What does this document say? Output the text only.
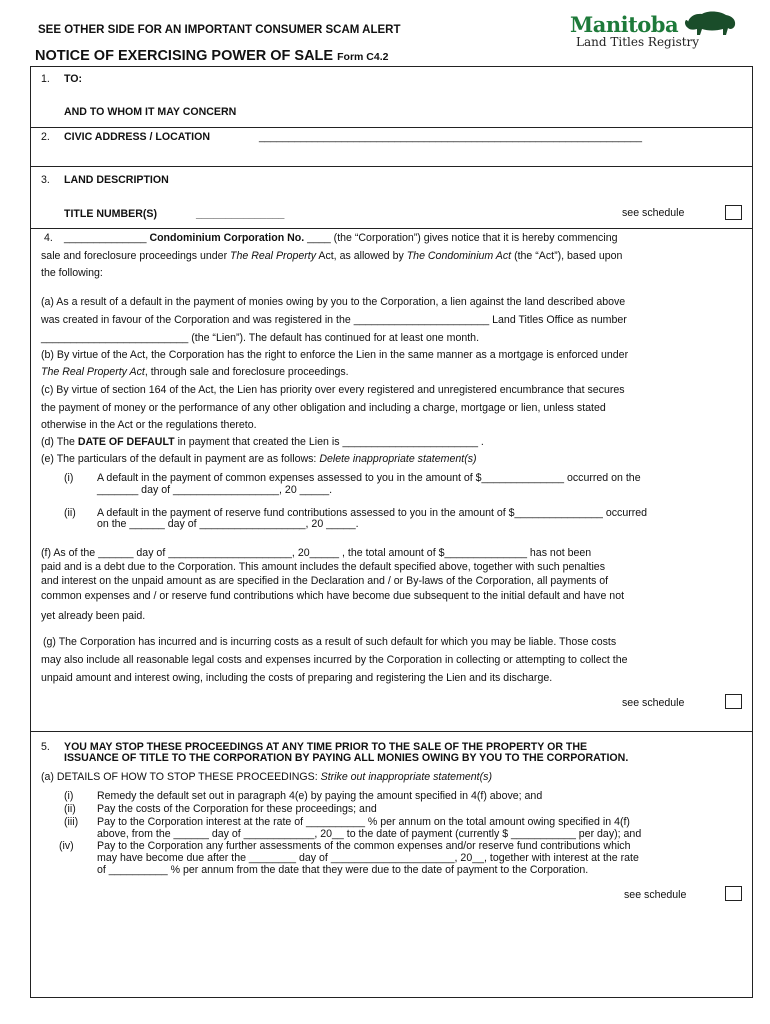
SEE OTHER SIDE FOR AN IMPORTANT CONSUMER SCAM ALERT
NOTICE OF EXERCISING POWER OF SALE Form C4.2
Manitoba
Land Titles Registry
1. TO:
AND TO WHOM IT MAY CONCERN
2. CIVIC ADDRESS / LOCATION	_________________________________________________________________
3. LAND DESCRIPTION
TITLE NUMBER(S)	_______________	see schedule
4. ______________ Condominium Corporation No. ____ (the “Corporation”) gives notice that it is hereby commencing
sale and foreclosure proceedings under The Real Property Act, as allowed by The Condominium Act (the “Act”), based upon
the following:
(a) As a result of a default in the payment of monies owing by you to the Corporation, a lien against the land described above
was created in favour of the Corporation and was registered in the _______________________ Land Titles Office as number
_________________________ (the “Lien”). The default has continued for at least one month.
(b) By virtue of the Act, the Corporation has the right to enforce the Lien in the same manner as a mortgage is enforced under
The Real Property Act, through sale and foreclosure proceedings.
(c) By virtue of section 164 of the Act, the Lien has priority over every registered and unregistered encumbrance that secures
the payment of money or the performance of any other obligation and including a charge, mortgage or lien, unless stated
otherwise in the Act or the regulations thereto.
(d) The DATE OF DEFAULT in payment that created the Lien is _______________________ .
(e) The particulars of the default in payment are as follows: Delete inappropriate statement(s)
(i) A default in the payment of common expenses assessed to you in the amount of $______________ occurred on the
_______ day of __________________, 20 _____.
(ii) A default in the payment of reserve fund contributions assessed to you in the amount of $_______________ occurred
on the ______ day of __________________, 20 _____.
(f) As of the ______ day of _____________________, 20_____ , the total amount of $______________ has not been
paid and is a debt due to the Corporation. This amount includes the default specified above, together with such penalties
and interest on the unpaid amount as are specified in the Declaration and / or By-laws of the Corporation, all payments of
common expenses and / or reserve fund contributions which have become due subsequent to the initial default and have not
yet already been paid.
(g) The Corporation has incurred and is incurring costs as a result of such default for which you may be liable. Those costs
may also include all reasonable legal costs and expenses incurred by the Corporation in collecting or attempting to collect the
unpaid amount and interest owing, including the costs of preparing and registering the Lien and its discharge.
see schedule
5. YOU MAY STOP THESE PROCEEDINGS AT ANY TIME PRIOR TO THE SALE OF THE PROPERTY OR THE
ISSUANCE OF TITLE TO THE CORPORATION BY PAYING ALL MONIES OWING BY YOU TO THE CORPORATION.
(a) DETAILS OF HOW TO STOP THESE PROCEEDINGS: Strike out inappropriate statement(s)
(i) Remedy the default set out in paragraph 4(e) by paying the amount specified in 4(f) above; and
(ii) Pay the costs of the Corporation for these proceedings; and
(iii) Pay to the Corporation interest at the rate of __________ % per annum on the total amount owing specified in 4(f)
above, from the ______ day of ____________, 20__ to the date of payment (currently $ ___________ per day); and
(iv) Pay to the Corporation any further assessments of the common expenses and/or reserve fund contributions which
may have become due after the ________ day of _____________________, 20__, together with interest at the rate
of __________ % per annum from the date that they were due to the date of payment to the Corporation.
see schedule
